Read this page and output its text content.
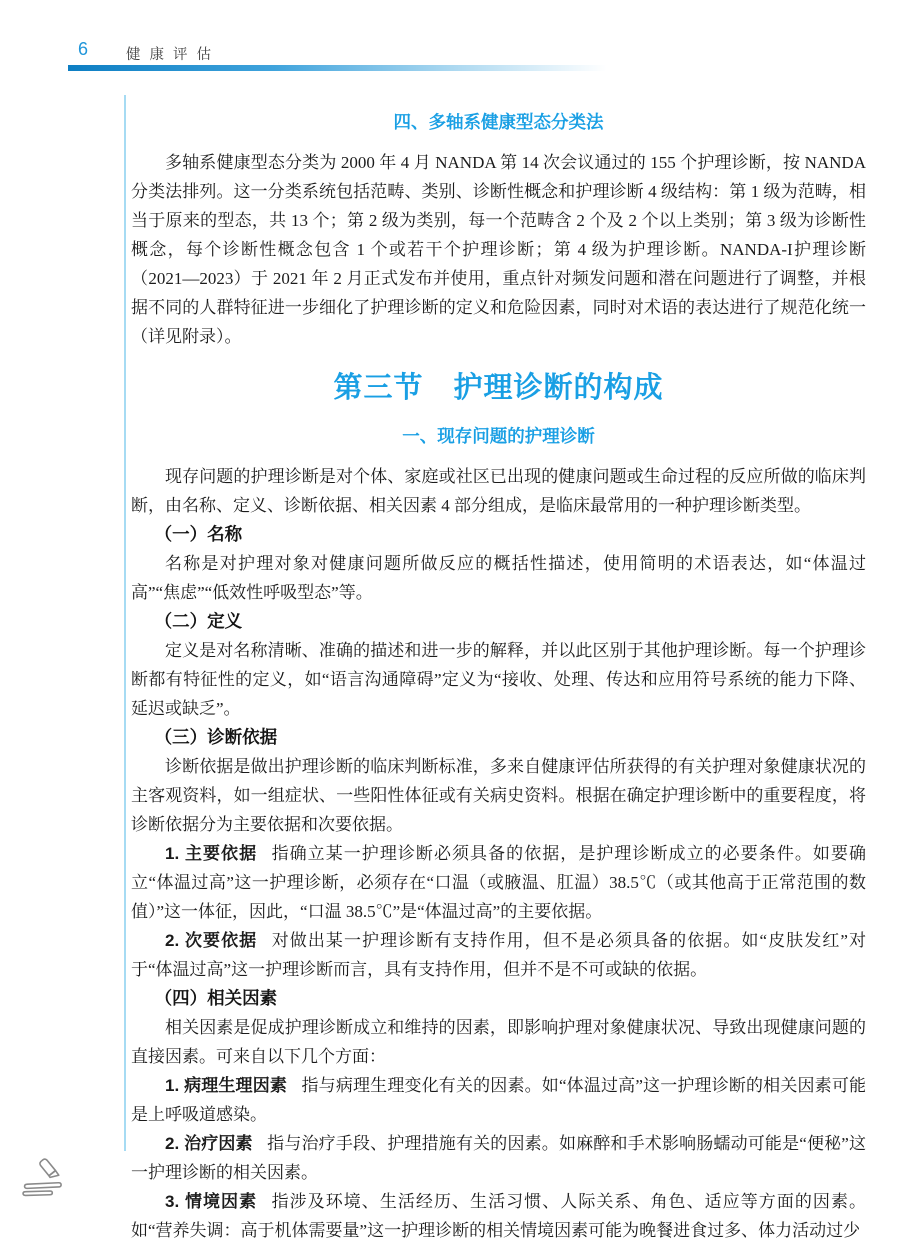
6	健康评估
四、多轴系健康型态分类法

多轴系健康型态分类为 2000 年 4 月 NANDA 第 14 次会议通过的 155 个护理诊断，按 NANDA 分类法排列。这一分类系统包括范畴、类别、诊断性概念和护理诊断 4 级结构：第 1 级为范畴，相当于原来的型态，共 13 个；第 2 级为类别，每一个范畴含 2 个及 2 个以上类别；第 3 级为诊断性概念，每个诊断性概念包含 1 个或若干个护理诊断；第 4 级为护理诊断。NANDA-I护理诊断（2021—2023）于 2021 年 2 月正式发布并使用，重点针对频发问题和潜在问题进行了调整，并根据不同的人群特征进一步细化了护理诊断的定义和危险因素，同时对术语的表达进行了规范化统一（详见附录）。

第三节　护理诊断的构成
一、现存问题的护理诊断

现存问题的护理诊断是对个体、家庭或社区已出现的健康问题或生命过程的反应所做的临床判断，由名称、定义、诊断依据、相关因素 4 部分组成，是临床最常用的一种护理诊断类型。

（一）名称

名称是对护理对象对健康问题所做反应的概括性描述，使用简明的术语表达，如“体温过高”“焦虑”“低效性呼吸型态”等。

（二）定义

定义是对名称清晰、准确的描述和进一步的解释，并以此区别于其他护理诊断。每一个护理诊断都有特征性的定义，如“语言沟通障碍”定义为“接收、处理、传达和应用符号系统的能力下降、延迟或缺乏”。

（三）诊断依据

诊断依据是做出护理诊断的临床判断标准，多来自健康评估所获得的有关护理对象健康状况的主客观资料，如一组症状、一些阳性体征或有关病史资料。根据在确定护理诊断中的重要程度，将诊断依据分为主要依据和次要依据。

1. 主要依据 指确立某一护理诊断必须具备的依据，是护理诊断成立的必要条件。如要确立“体温过高”这一护理诊断，必须存在“口温（或腋温、肛温）38.5℃（或其他高于正常范围的数值）”这一体征，因此，“口温 38.5℃”是“体温过高”的主要依据。

2. 次要依据 对做出某一护理诊断有支持作用，但不是必须具备的依据。如“皮肤发红”对于“体温过高”这一护理诊断而言，具有支持作用，但并不是不可或缺的依据。

（四）相关因素

相关因素是促成护理诊断成立和维持的因素，即影响护理对象健康状况、导致出现健康问题的直接因素。可来自以下几个方面：

1. 病理生理因素 指与病理生理变化有关的因素。如“体温过高”这一护理诊断的相关因素可能是上呼吸道感染。

2. 治疗因素 指与治疗手段、护理措施有关的因素。如麻醉和手术影响肠蠕动可能是“便秘”这一护理诊断的相关因素。

3. 情境因素 指涉及环境、生活经历、生活习惯、人际关系、角色、适应等方面的因素。如“营养失调：高于机体需要量”这一护理诊断的相关情境因素可能为晚餐进食过多、体力活动过少
